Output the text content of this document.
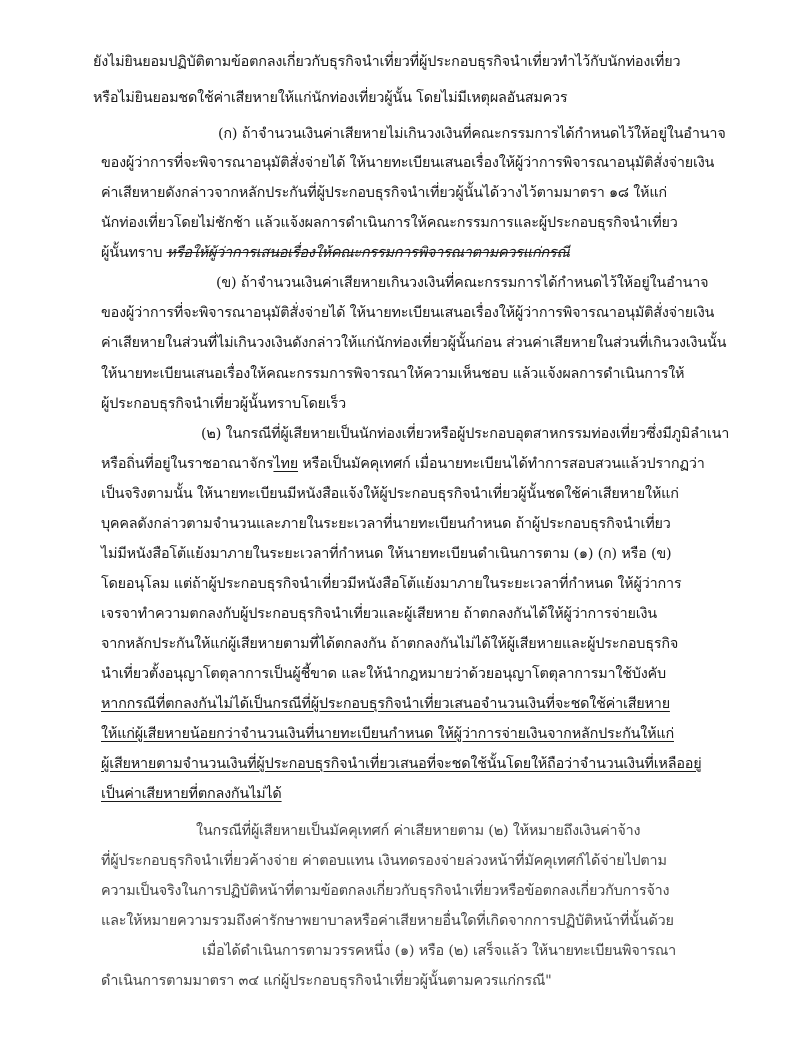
ยังไม่ยินยอมปฏิบัติตามข้อตกลงเกี่ยวกับธุรกิจนำเที่ยวที่ผู้ประกอบธุรกิจนำเที่ยวทำไว้กับนักท่องเที่ยว
หรือไม่ยินยอมชดใช้ค่าเสียหายให้แก่นักท่องเที่ยวผู้นั้น โดยไม่มีเหตุผลอันสมควร
(ก) ถ้าจำนวนเงินค่าเสียหายไม่เกินวงเงินที่คณะกรรมการได้กำหนดไว้ให้อยู่ในอำนาจ
ของผู้ว่าการที่จะพิจารณาอนุมัติสั่งจ่ายได้ ให้นายทะเบียนเสนอเรื่องให้ผู้ว่าการพิจารณาอนุมัติสั่งจ่ายเงิน
ค่าเสียหายดังกล่าวจากหลักประกันที่ผู้ประกอบธุรกิจนำเที่ยวผู้นั้นได้วางไว้ตามมาตรา ๑๘ ให้แก่
นักท่องเที่ยวโดยไม่ชักช้า แล้วแจ้งผลการดำเนินการให้คณะกรรมการและผู้ประกอบธุรกิจนำเที่ยว
ผู้นั้นทราบ หรือให้ผู้ว่าการเสนอเรื่องให้คณะกรรมการพิจารณาตามควรแก่กรณี
(ข) ถ้าจำนวนเงินค่าเสียหายเกินวงเงินที่คณะกรรมการได้กำหนดไว้ให้อยู่ในอำนาจ
ของผู้ว่าการที่จะพิจารณาอนุมัติสั่งจ่ายได้ ให้นายทะเบียนเสนอเรื่องให้ผู้ว่าการพิจารณาอนุมัติสั่งจ่ายเงิน
ค่าเสียหายในส่วนที่ไม่เกินวงเงินดังกล่าวให้แก่นักท่องเที่ยวผู้นั้นก่อน ส่วนค่าเสียหายในส่วนที่เกินวงเงินนั้น
ให้นายทะเบียนเสนอเรื่องให้คณะกรรมการพิจารณาให้ความเห็นชอบ แล้วแจ้งผลการดำเนินการให้
ผู้ประกอบธุรกิจนำเที่ยวผู้นั้นทราบโดยเร็ว
(๒) ในกรณีที่ผู้เสียหายเป็นนักท่องเที่ยวหรือผู้ประกอบอุตสาหกรรมท่องเที่ยวซึ่งมีภูมิลำเนา
หรือถิ่นที่อยู่ในราชอาณาจักรไทย หรือเป็นมัคคุเทศก์ เมื่อนายทะเบียนได้ทำการสอบสวนแล้วปรากฏว่า
เป็นจริงตามนั้น ให้นายทะเบียนมีหนังสือแจ้งให้ผู้ประกอบธุรกิจนำเที่ยวผู้นั้นชดใช้ค่าเสียหายให้แก่
บุคคลดังกล่าวตามจำนวนและภายในระยะเวลาที่นายทะเบียนกำหนด ถ้าผู้ประกอบธุรกิจนำเที่ยว
ไม่มีหนังสือโต้แย้งมาภายในระยะเวลาที่กำหนด ให้นายทะเบียนดำเนินการตาม (๑) (ก) หรือ (ข)
โดยอนุโลม แต่ถ้าผู้ประกอบธุรกิจนำเที่ยวมีหนังสือโต้แย้งมาภายในระยะเวลาที่กำหนด ให้ผู้ว่าการ
เจรจาทำความตกลงกับผู้ประกอบธุรกิจนำเที่ยวและผู้เสียหาย ถ้าตกลงกันได้ให้ผู้ว่าการจ่ายเงิน
จากหลักประกันให้แก่ผู้เสียหายตามที่ได้ตกลงกัน ถ้าตกลงกันไม่ได้ให้ผู้เสียหายและผู้ประกอบธุรกิจ
นำเที่ยวตั้งอนุญาโตตุลาการเป็นผู้ชี้ขาด และให้นำกฎหมายว่าด้วยอนุญาโตตุลาการมาใช้บังคับ
หากกรณีที่ตกลงกันไม่ได้เป็นกรณีที่ผู้ประกอบธุรกิจนำเที่ยวเสนอจำนวนเงินที่จะชดใช้ค่าเสียหาย
ให้แก่ผู้เสียหายน้อยกว่าจำนวนเงินที่นายทะเบียนกำหนด ให้ผู้ว่าการจ่ายเงินจากหลักประกันให้แก่
ผู้เสียหายตามจำนวนเงินที่ผู้ประกอบธุรกิจนำเที่ยวเสนอที่จะชดใช้นั้นโดยให้ถือว่าจำนวนเงินที่เหลืออยู่
เป็นค่าเสียหายที่ตกลงกันไม่ได้
ในกรณีที่ผู้เสียหายเป็นมัคคุเทศก์ ค่าเสียหายตาม (๒) ให้หมายถึงเงินค่าจ้าง
ที่ผู้ประกอบธุรกิจนำเที่ยวค้างจ่าย ค่าตอบแทน เงินทดรองจ่ายล่วงหน้าที่มัคคุเทศก์ได้จ่ายไปตาม
ความเป็นจริงในการปฏิบัติหน้าที่ตามข้อตกลงเกี่ยวกับธุรกิจนำเที่ยวหรือข้อตกลงเกี่ยวกับการจ้าง
และให้หมายความรวมถึงค่ารักษาพยาบาลหรือค่าเสียหายอื่นใดที่เกิดจากการปฏิบัติหน้าที่นั้นด้วย
เมื่อได้ดำเนินการตามวรรคหนึ่ง (๑) หรือ (๒) เสร็จแล้ว ให้นายทะเบียนพิจารณา
ดำเนินการตามมาตรา ๓๔ แก่ผู้ประกอบธุรกิจนำเที่ยวผู้นั้นตามควรแก่กรณี"
